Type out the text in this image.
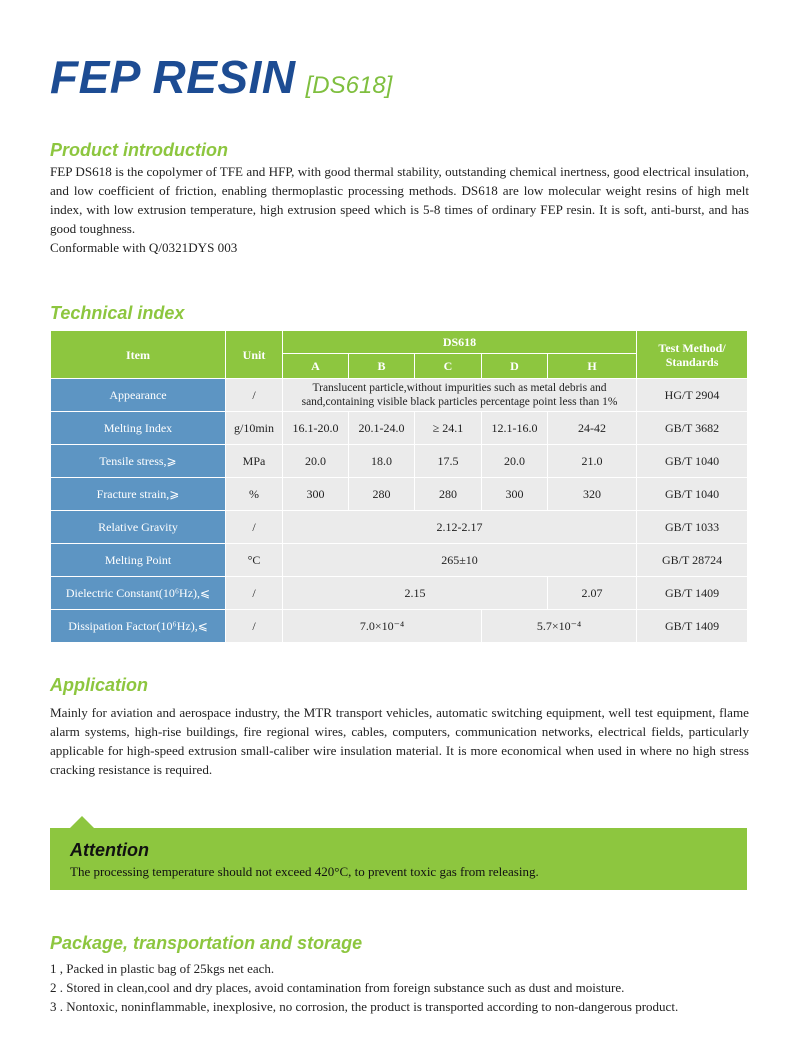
FEP RESIN [DS618]
Product introduction

FEP DS618 is the copolymer of TFE and HFP, with good thermal stability, outstanding chemical inertness, good electrical insulation, and low coefficient of friction, enabling thermoplastic processing methods. DS618 are low molecular weight resins of high melt index, with low extrusion temperature, high extrusion speed which is 5-8 times of ordinary FEP resin. It is soft, anti-burst, and has good toughness.

Conformable with Q/0321DYS 003

Technical index
Item	Unit	DS618					Test Method/ Standards
		A	B	C	D	H	
Appearance	/	Translucent particle,without impurities such as metal debris and sand,containing visible black particles percentage point less than 1%					HG/T 2904
Melting Index	g/10min	16.1-20.0	20.1-24.0	≥ 24.1	12.1-16.0	24-42	GB/T 3682
Tensile stress,⩾	MPa	20.0	18.0	17.5	20.0	21.0	GB/T 1040
Fracture strain,⩾	%	300	280	280	300	320	GB/T 1040
Relative Gravity	/	2.12-2.17					GB/T 1033
Melting Point	°C	265±10					GB/T 28724
Dielectric Constant(10⁶Hz),⩽	/	2.15				2.07	GB/T 1409
Dissipation Factor(10⁶Hz),⩽	/	7.0×10⁻⁴			5.7×10⁻⁴		GB/T 1409
Application
Mainly for aviation and aerospace industry, the MTR transport vehicles, automatic switching equipment, well test equipment, flame alarm systems, high-rise buildings, fire regional wires, cables, computers, communication networks, electrical fields, particularly applicable for high-speed extrusion small-caliber wire insulation material. It is more economical when used in where no high stress cracking resistance is required.
Attention
The processing temperature should not exceed 420°C, to prevent toxic gas from releasing.
Package, transportation and storage
1 , Packed in plastic bag of 25kgs net each.
2 . Stored in clean,cool and dry places, avoid contamination from foreign substance such as dust and moisture.
3 . Nontoxic, noninflammable, inexplosive, no corrosion, the product is transported according to non-dangerous product.
